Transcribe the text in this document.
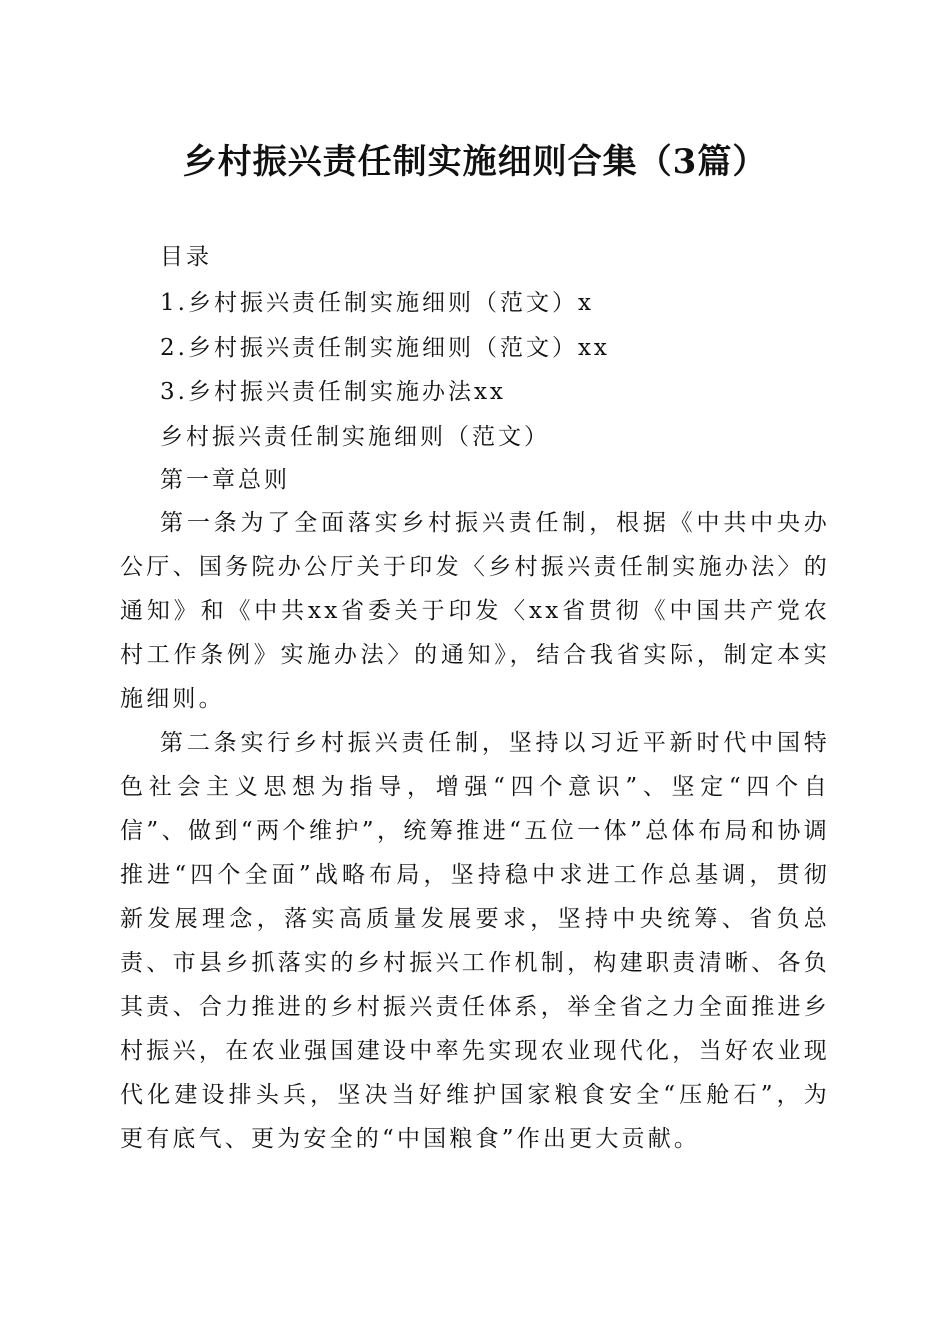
乡村振兴责任制实施细则合集（3篇）
目录
1.乡村振兴责任制实施细则（范文）x
2.乡村振兴责任制实施细则（范文）xx
3.乡村振兴责任制实施办法xx
乡村振兴责任制实施细则（范文）
第一章总则
第一条为了全面落实乡村振兴责任制，根据《中共中央办公厅、国务院办公厅关于印发〈乡村振兴责任制实施办法〉的通知》和《中共xx省委关于印发〈xx省贯彻《中国共产党农村工作条例》实施办法〉的通知》，结合我省实际，制定本实施细则。
第二条实行乡村振兴责任制，坚持以习近平新时代中国特色社会主义思想为指导，增强“四个意识”、坚定“四个自信”、做到“两个维护”，统筹推进“五位一体”总体布局和协调推进“四个全面”战略布局，坚持稳中求进工作总基调，贯彻新发展理念，落实高质量发展要求，坚持中央统筹、省负总责、市县乡抓落实的乡村振兴工作机制，构建职责清晰、各负其责、合力推进的乡村振兴责任体系，举全省之力全面推进乡村振兴，在农业强国建设中率先实现农业现代化，当好农业现代化建设排头兵，坚决当好维护国家粮食安全“压舱石”，为更有底气、更为安全的“中国粮食”作出更大贡献。
